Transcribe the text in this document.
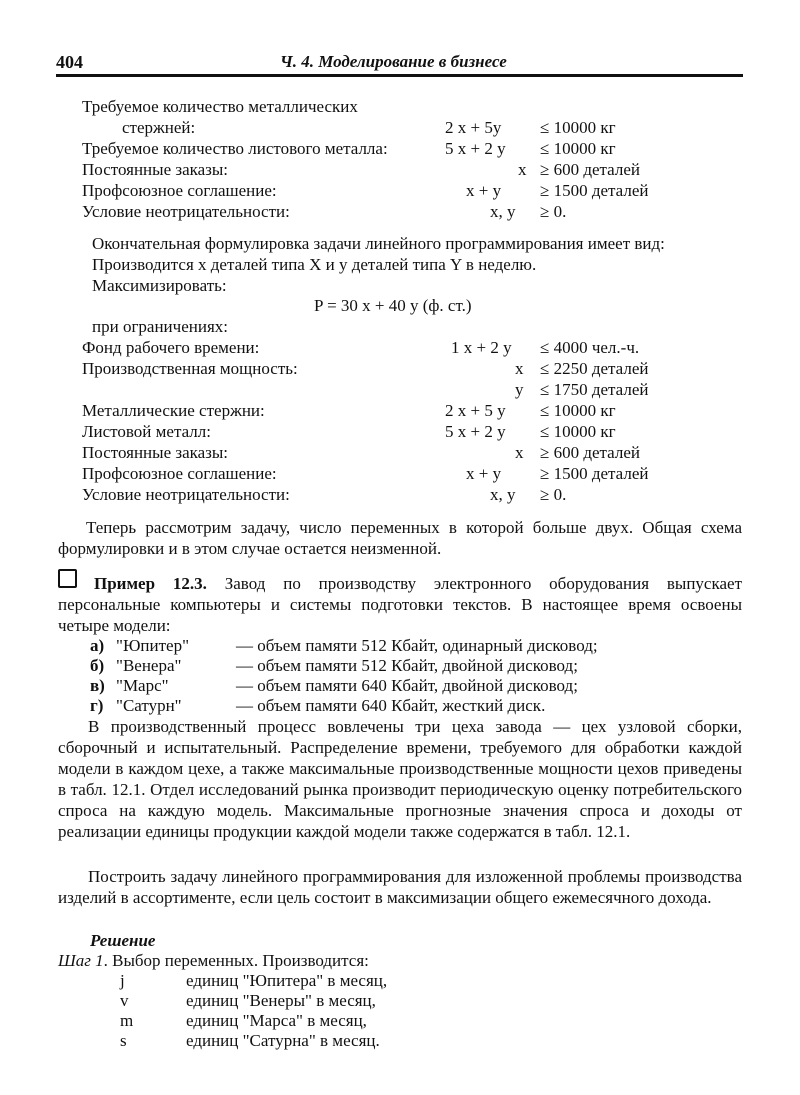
404	Ч. 4. Моделирование в бизнесе
Требуемое количество металлических
стержней:	2 x + 5y ≤ 10000 кг
Требуемое количество листового металла:	5 x + 2 y ≤ 10000 кг
Постоянные заказы:	x ≥ 600 деталей
Профсоюзное соглашение:	x + y ≥ 1500 деталей
Условие неотрицательности:	x, y ≥ 0.
Окончательная формулировка задачи линейного программирования имеет вид:
Производится x деталей типа X и y деталей типа Y в неделю.
Максимизировать:
P = 30 x + 40 y (ф. ст.)
при ограничениях:
Фонд рабочего времени:	1 x + 2 y ≤ 4000 чел.-ч.
Производственная мощность:	x ≤ 2250 деталей
y ≤ 1750 деталей
Металлические стержни:	2 x + 5 y ≤ 10000 кг
Листовой металл:	5 x + 2 y ≤ 10000 кг
Постоянные заказы:	x ≥ 600 деталей
Профсоюзное соглашение:	x + y ≥ 1500 деталей
Условие неотрицательности:	x, y ≥ 0.
Теперь рассмотрим задачу, число переменных в которой больше двух. Общая схема формулировки и в этом случае остается неизменной.
Пример 12.3. Завод по производству электронного оборудования выпускает персональные компьютеры и системы подготовки текстов. В настоящее время освоены четыре модели:
а) "Юпитер"	— объем памяти 512 Кбайт, одинарный дисковод;
б) "Венера"	— объем памяти 512 Кбайт, двойной дисковод;
в) "Марс"	— объем памяти 640 Кбайт, двойной дисковод;
г) "Сатурн"	— объем памяти 640 Кбайт, жесткий диск.
В производственный процесс вовлечены три цеха завода — цех узловой сборки, сборочный и испытательный. Распределение времени, требуемого для обработки каждой модели в каждом цехе, а также максимальные производственные мощности цехов приведены в табл. 12.1. Отдел исследований рынка производит периодическую оценку потребительского спроса на каждую модель. Максимальные прогнозные значения спроса и доходы от реализации единицы продукции каждой модели также содержатся в табл. 12.1.
Построить задачу линейного программирования для изложенной проблемы производства изделий в ассортименте, если цель состоит в максимизации общего ежемесячного дохода.
Решение
Шаг 1. Выбор переменных. Производится:
j	единиц "Юпитера" в месяц,
v	единиц "Венеры" в месяц,
m	единиц "Марса" в месяц,
s	единиц "Сатурна" в месяц.
